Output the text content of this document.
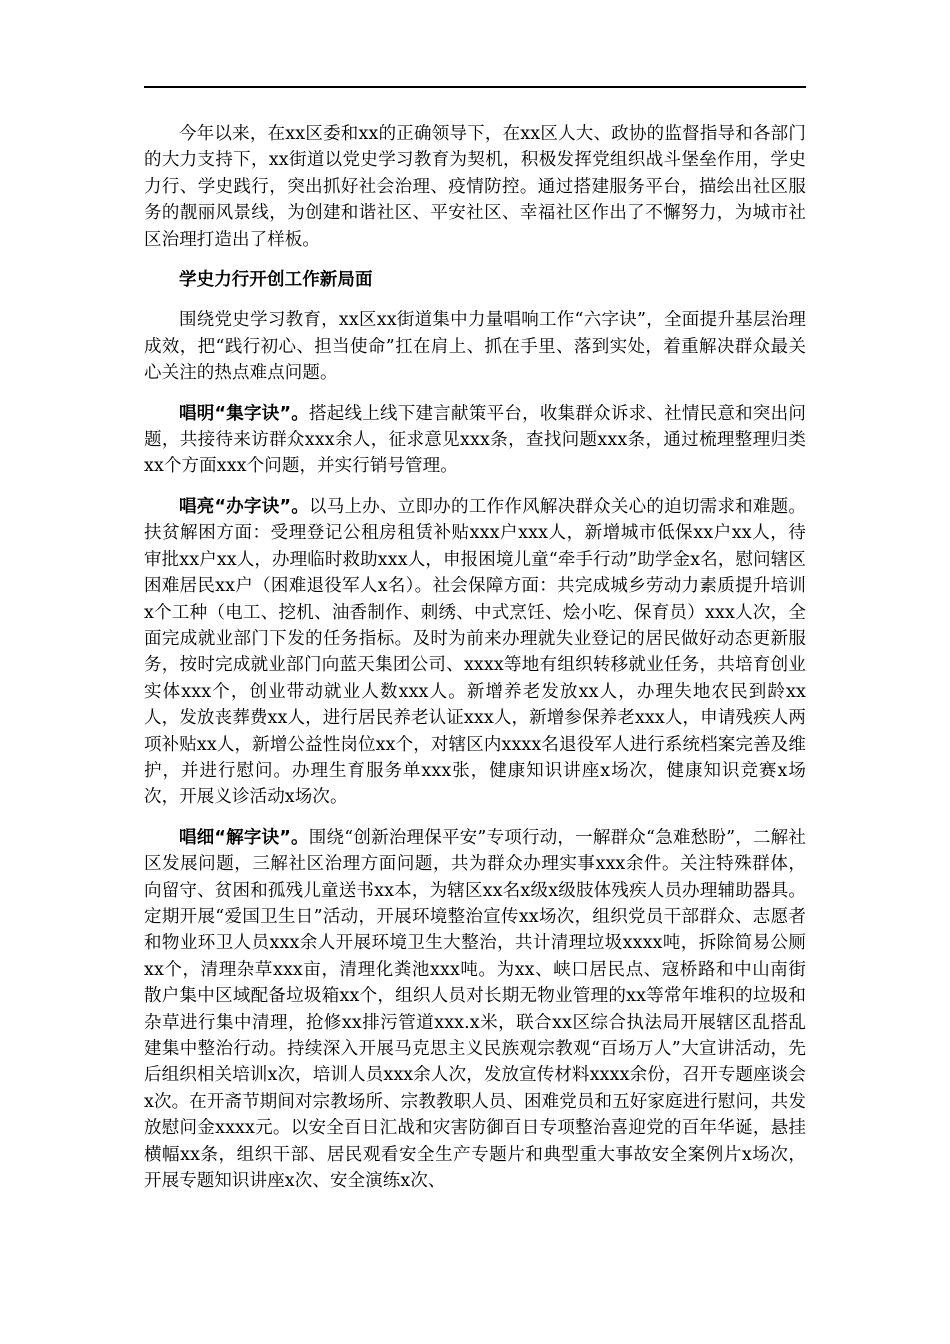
今年以来，在xx区委和xx的正确领导下，在xx区人大、政协的监督指导和各部门的大力支持下，xx街道以党史学习教育为契机，积极发挥党组织战斗堡垒作用，学史力行、学史践行，突出抓好社会治理、疫情防控。通过搭建服务平台，描绘出社区服务的靓丽风景线，为创建和谐社区、平安社区、幸福社区作出了不懈努力，为城市社区治理打造出了样板。

学史力行开创工作新局面

围绕党史学习教育，xx区xx街道集中力量唱响工作“六字诀”，全面提升基层治理成效，把“践行初心、担当使命”扛在肩上、抓在手里、落到实处，着重解决群众最关心关注的热点难点问题。

唱明“集字诀”。搭起线上线下建言献策平台，收集群众诉求、社情民意和突出问题，共接待来访群众xxx余人，征求意见xxx条，查找问题xxx条，通过梳理整理归类xx个方面xxx个问题，并实行销号管理。

唱亮“办字诀”。以马上办、立即办的工作作风解决群众关心的迫切需求和难题。扶贫解困方面：受理登记公租房租赁补贴xxx户xxx人，新增城市低保xx户xx人，待审批xx户xx人，办理临时救助xxx人，申报困境儿童“牵手行动”助学金x名，慰问辖区困难居民xx户（困难退役军人x名）。社会保障方面：共完成城乡劳动力素质提升培训x个工种（电工、挖机、油香制作、刺绣、中式烹饪、烩小吃、保育员）xxx人次，全面完成就业部门下发的任务指标。及时为前来办理就失业登记的居民做好动态更新服务，按时完成就业部门向蓝天集团公司、xxxx等地有组织转移就业任务，共培育创业实体xxx个，创业带动就业人数xxx人。新增养老发放xx人，办理失地农民到龄xx人，发放丧葬费xx人，进行居民养老认证xxx人，新增参保养老xxx人，申请残疾人两项补贴xx人，新增公益性岗位xx个，对辖区内xxxx名退役军人进行系统档案完善及维护，并进行慰问。办理生育服务单xxx张，健康知识讲座x场次，健康知识竞赛x场次，开展义诊活动x场次。

唱细“解字诀”。围绕“创新治理保平安”专项行动，一解群众“急难愁盼”，二解社区发展问题，三解社区治理方面问题，共为群众办理实事xxx余件。关注特殊群体，向留守、贫困和孤残儿童送书xx本，为辖区xx名x级x级肢体残疾人员办理辅助器具。定期开展“爱国卫生日”活动，开展环境整治宣传xx场次，组织党员干部群众、志愿者和物业环卫人员xxx余人开展环境卫生大整治，共计清理垃圾xxxx吨，拆除简易公厕xx个，清理杂草xxx亩，清理化粪池xxx吨。为xx、峡口居民点、寇桥路和中山南街散户集中区域配备垃圾箱xx个，组织人员对长期无物业管理的xx等常年堆积的垃圾和杂草进行集中清理，抢修xx排污管道xxx.x米，联合xx区综合执法局开展辖区乱搭乱建集中整治行动。持续深入开展马克思主义民族观宗教观“百场万人”大宣讲活动，先后组织相关培训x次，培训人员xxx余人次，发放宣传材料xxxx余份，召开专题座谈会x次。在开斋节期间对宗教场所、宗教教职人员、困难党员和五好家庭进行慰问，共发放慰问金xxxx元。以安全百日汇战和灾害防御百日专项整治喜迎党的百年华诞，悬挂横幅xx条，组织干部、居民观看安全生产专题片和典型重大事故安全案例片x场次，开展专题知识讲座x次、安全演练x次、
